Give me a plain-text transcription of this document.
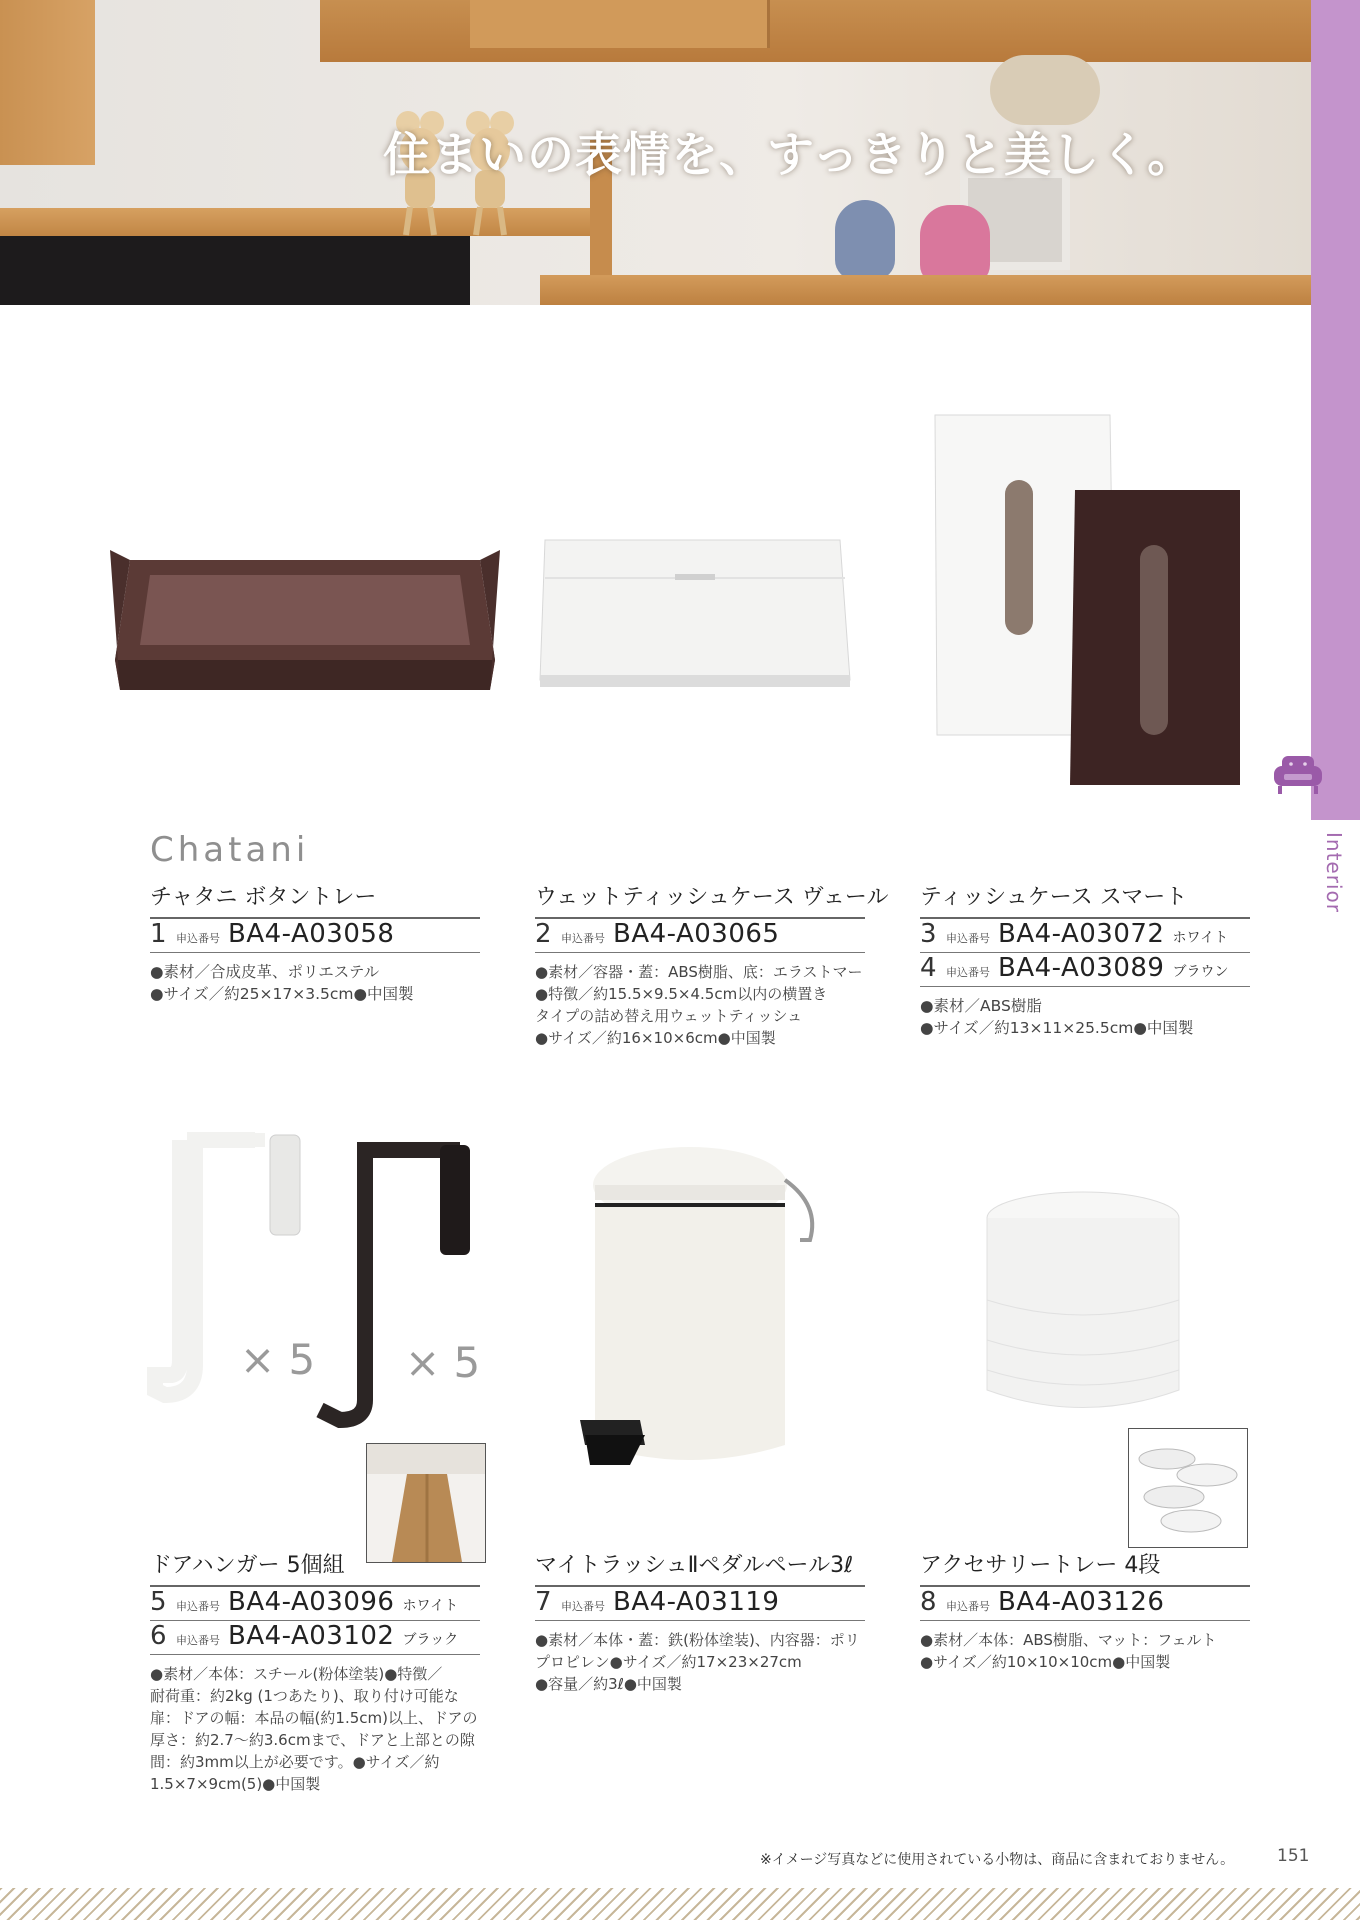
住まいの表情を、すっきりと美しく。
Interior
× 5 × 5
Chatani
チャタニ ボタントレー
1 申込番号 BA4-A03058

●素材／合成皮革、ポリエステル

●サイズ／約25×17×3.5cm●中国製

ウェットティッシュケース ヴェール
2 申込番号 BA4-A03065

●素材／容器・蓋：ABS樹脂、底：エラストマー

●特徴／約15.5×9.5×4.5cm以内の横置き

タイプの詰め替え用ウェットティッシュ

●サイズ／約16×10×6cm●中国製

ティッシュケース スマート
3 申込番号 BA4-A03072 ホワイト
4 申込番号 BA4-A03089 ブラウン

●素材／ABS樹脂

●サイズ／約13×11×25.5cm●中国製

ドアハンガー 5個組
5 申込番号 BA4-A03096 ホワイト
6 申込番号 BA4-A03102 ブラック

●素材／本体：スチール(粉体塗装)●特徴／

耐荷重：約2kg (1つあたり)、取り付け可能な

扉：ドアの幅：本品の幅(約1.5cm)以上、ドアの

厚さ：約2.7～約3.6cmまで、ドアと上部との隙

間：約3mm以上が必要です。●サイズ／約

1.5×7×9cm(5)●中国製

マイトラッシュⅡペダルペール3ℓ
7 申込番号 BA4-A03119

●素材／本体・蓋：鉄(粉体塗装)、内容器：ポリ

プロピレン●サイズ／約17×23×27cm

●容量／約3ℓ●中国製

アクセサリートレー 4段
8 申込番号 BA4-A03126

●素材／本体：ABS樹脂、マット：フェルト

●サイズ／約10×10×10cm●中国製

※イメージ写真などに使用されている小物は、商品に含まれておりません。	151
